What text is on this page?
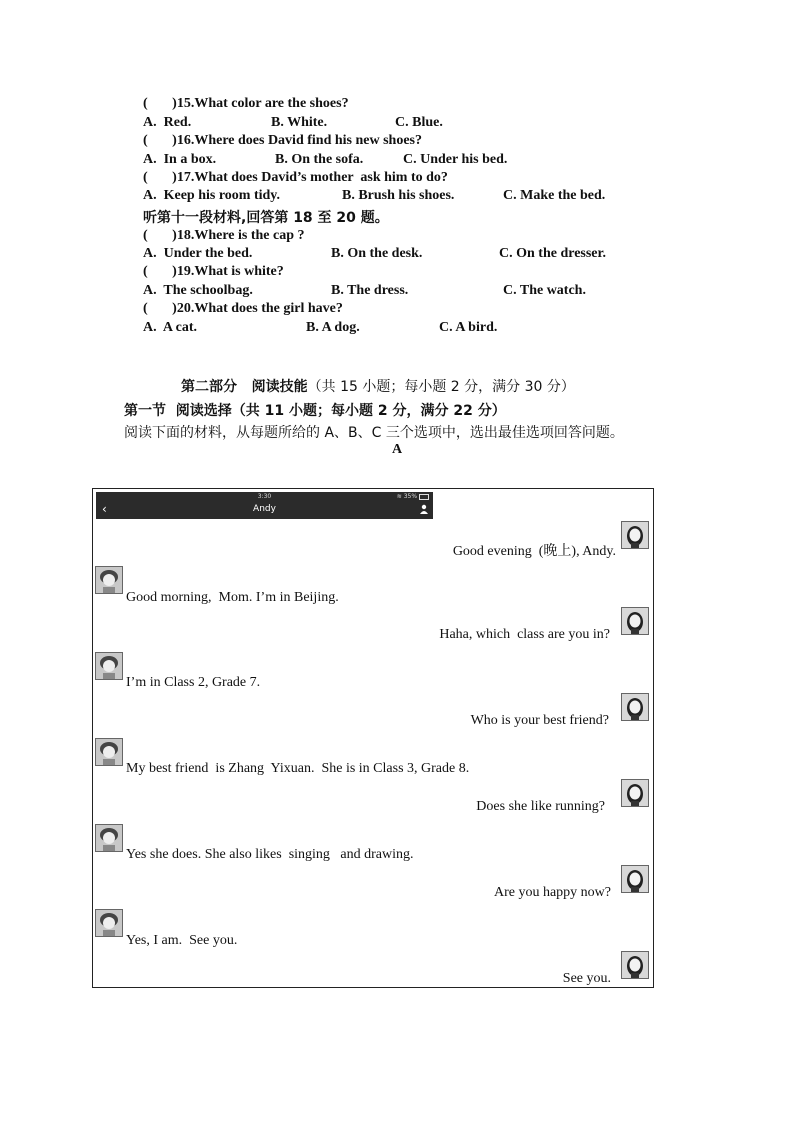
(       )15.What color are the shoes?
A.  Red.	B. White.	C. Blue.
(       )16.Where does David find his new shoes?
A.  In a box.	B. On the sofa.	C. Under his bed.
(       )17.What does David’s mother  ask him to do?
A.  Keep his room tidy.	B. Brush his shoes.	C. Make the bed.
听第十一段材料,回答第 18 至 20 题。
(       )18.Where is the cap ?
A.  Under the bed.	B. On the desk.	C. On the dresser.
(       )19.What is white?
A.  The schoolbag.	B. The dress.	C. The watch.
(       )20.What does the girl have?
A.  A cat.	B. A dog.	C. A bird.
第二部分   阅读技能（共 15 小题；每小题 2 分，满分 30 分）
第一节  阅读选择（共 11 小题；每小题 2 分，满分 22 分）
阅读下面的材料，从每题所给的 A、B、C 三个选项中，选出最佳选项回答问题。
A
3:30	≋ 35%
‹	Andy
Good evening  (晚上), Andy.
Good morning,  Mom. I’m in Beijing.
Haha, which  class are you in?
I’m in Class 2, Grade 7.
Who is your best friend?
My best friend  is Zhang  Yixuan.  She is in Class 3, Grade 8.
Does she like running?
Yes she does. She also likes  singing   and drawing.
Are you happy now?
Yes, I am.  See you.
See you.
